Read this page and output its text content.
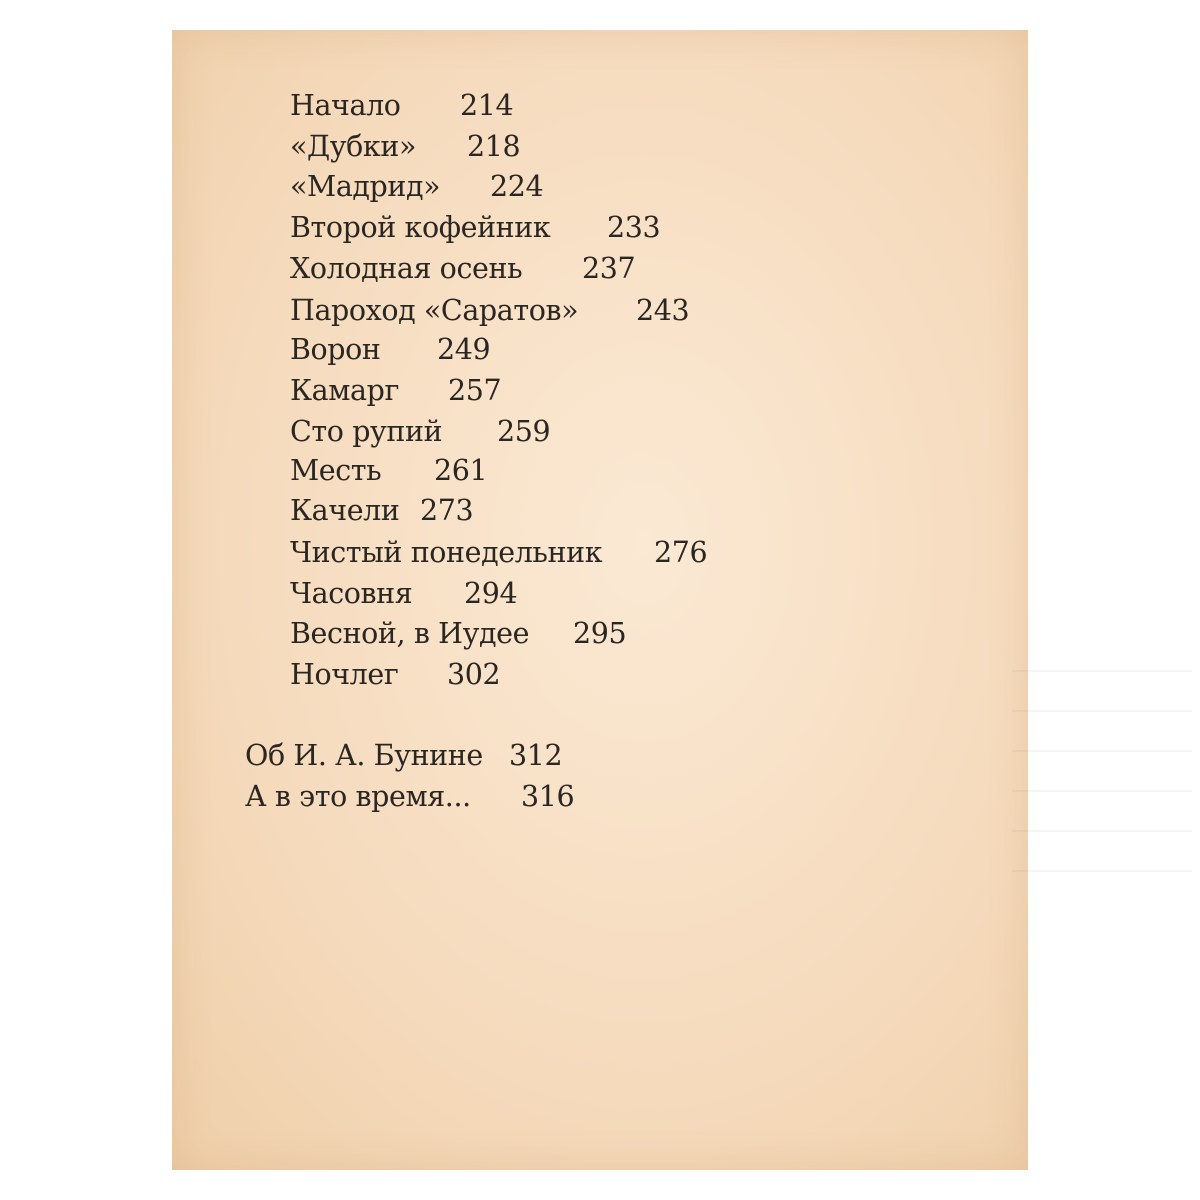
Начало 214
«Дубки» 218
«Мадрид» 224
Второй кофейник 233
Холодная осень 237
Пароход «Саратов» 243
Ворон 249
Камарг 257
Сто рупий 259
Месть 261
Качели 273
Чистый понедельник 276
Часовня 294
Весной, в Иудее 295
Ночлег 302
Об И. А. Бунине 312
А в это время... 316
